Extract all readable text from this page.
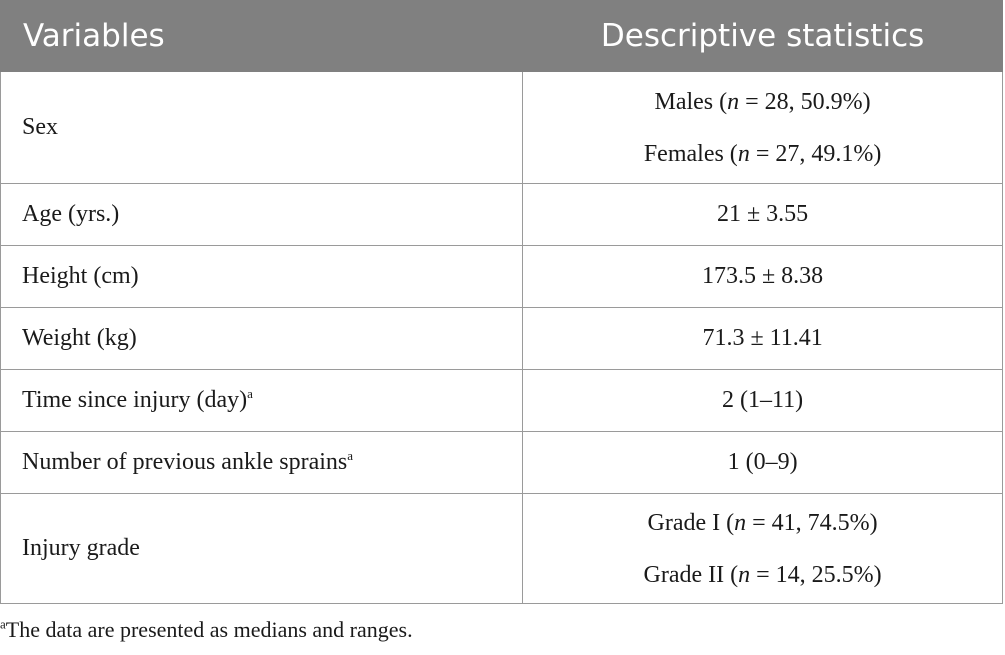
Variables	Descriptive statistics
Sex	Males (n = 28, 50.9%)
Females (n = 27, 49.1%)

Age (yrs.)	21 ± 3.55
Height (cm)	173.5 ± 8.38
Weight (kg)	71.3 ± 11.41
Time since injury (day)$^a$	2 (1–11)
Number of previous ankle sprains$^a$	1 (0–9)
Injury grade	Grade I (n = 41, 74.5%)
Grade II (n = 14, 25.5%)
$^a$The data are presented as medians and ranges.
